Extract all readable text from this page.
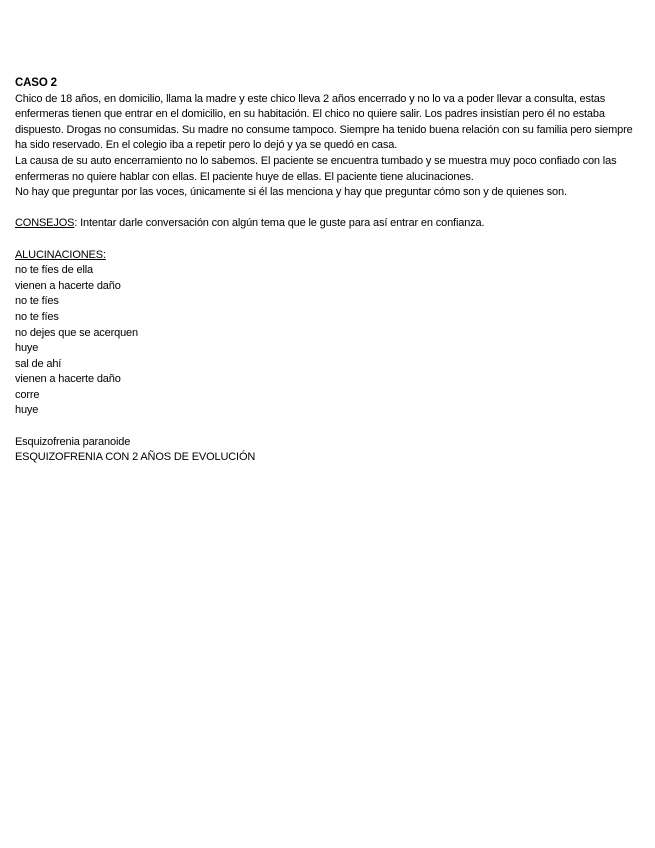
CASO 2

Chico de 18 años, en domicilio, llama la madre y este chico lleva 2 años encerrado y no lo va a poder llevar a consulta, estas enfermeras tienen que entrar en el domicilio, en su habitación. El chico no quiere salir. Los padres insistían pero él no estaba dispuesto. Drogas no consumidas. Su madre no consume tampoco. Siempre ha tenido buena relación con su familia pero siempre ha sido reservado. En el colegio iba a repetir pero lo dejó y ya se quedó en casa.

La causa de su auto encerramiento no lo sabemos. El paciente se encuentra tumbado y se muestra muy poco confiado con las enfermeras no quiere hablar con ellas. El paciente huye de ellas. El paciente tiene alucinaciones.

No hay que preguntar por las voces, únicamente si él las menciona y hay que preguntar cómo son y de quienes son.

CONSEJOS: Intentar darle conversación con algún tema que le guste para así entrar en confianza.

ALUCINACIONES:

no te fíes de ella
vienen a hacerte daño
no te fíes
no te fíes
no dejes que se acerquen
huye
sal de ahí
vienen a hacerte daño
corre
huye

Esquizofrenia paranoide

ESQUIZOFRENIA CON 2 AÑOS DE EVOLUCIÓN
